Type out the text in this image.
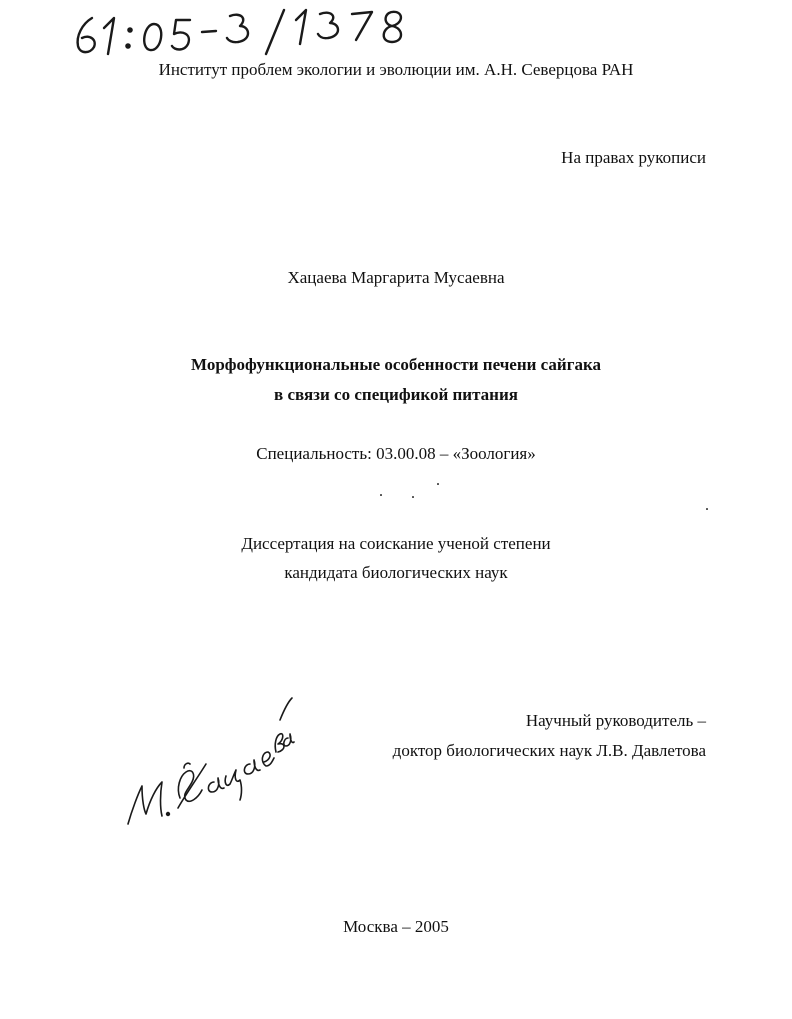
Институт проблем экологии и эволюции им. А.Н. Северцова РАН
На правах рукописи
Хацаева Маргарита Мусаевна
Морфофункциональные особенности печени сайгака
в связи со спецификой питания
Специальность: 03.00.08 – «Зоология»
Диссертация на соискание ученой степени
кандидата биологических наук
Научный руководитель –
доктор биологических наук Л.В. Давлетова
Москва – 2005
